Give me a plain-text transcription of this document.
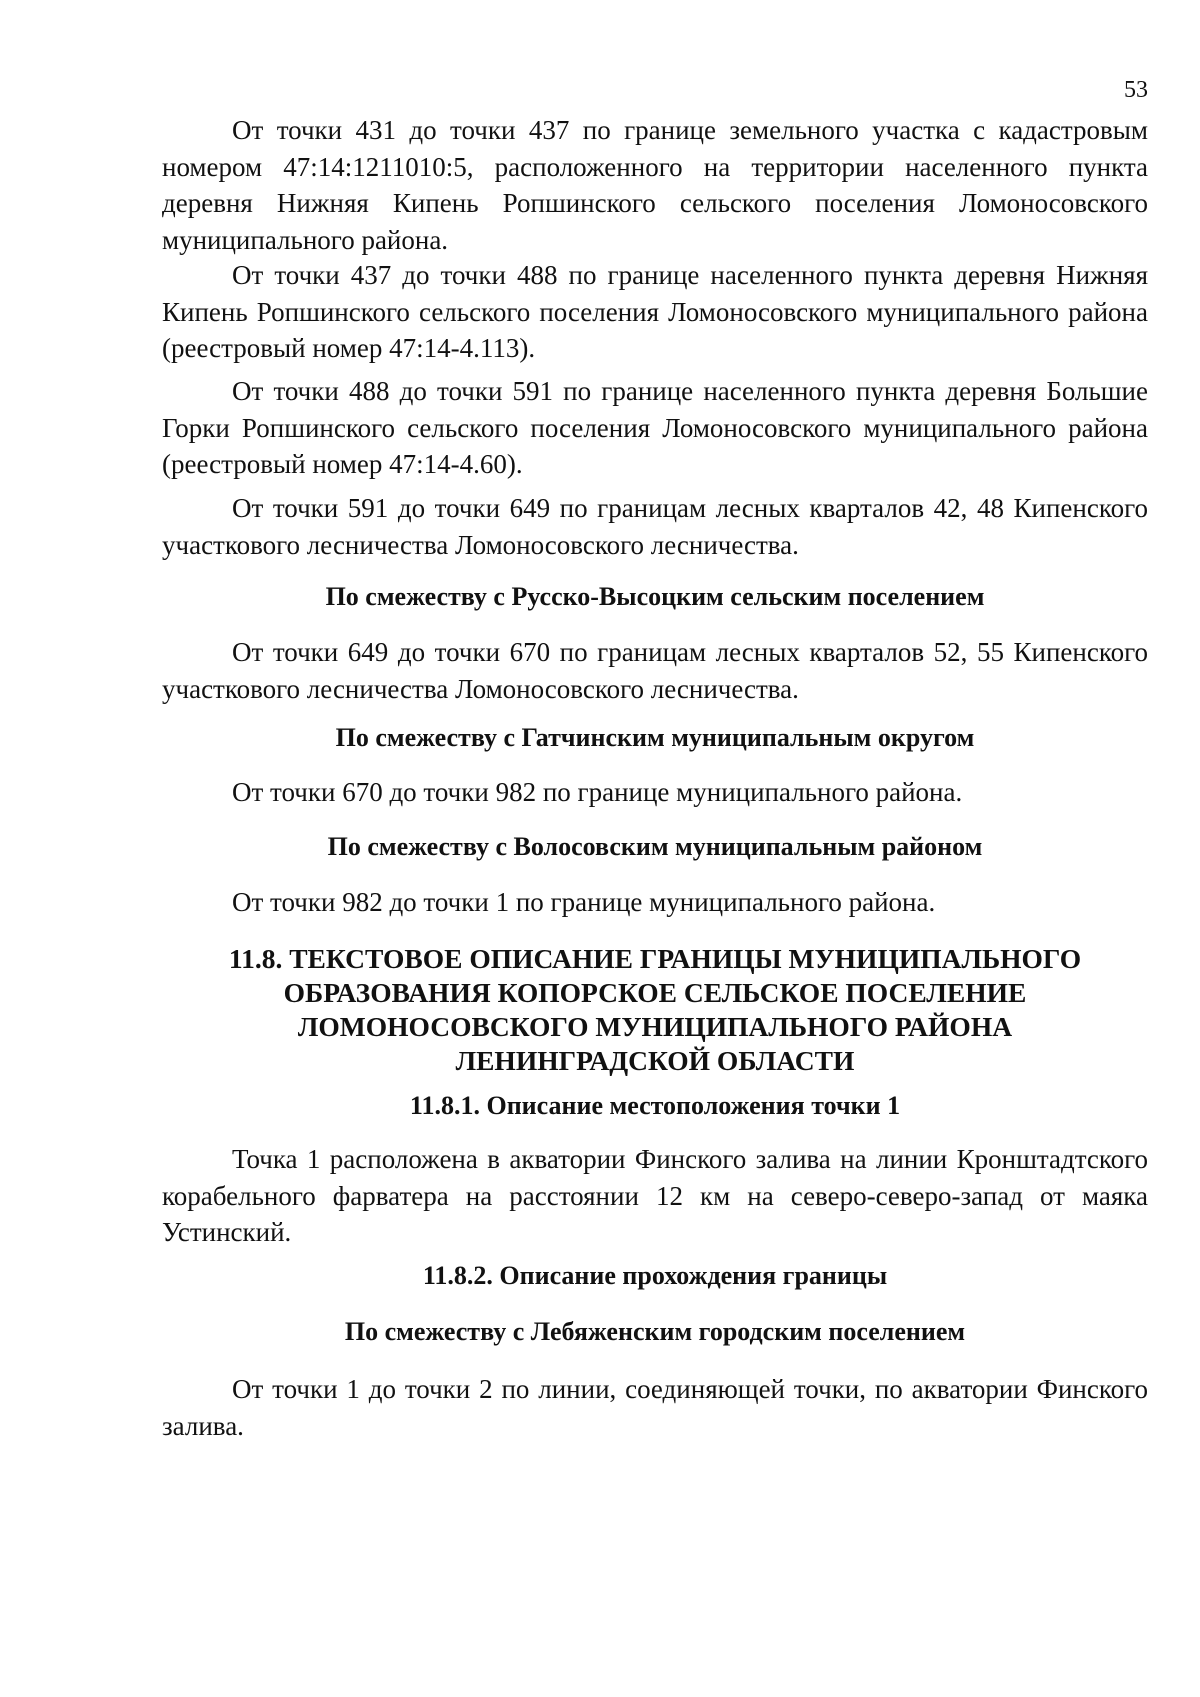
53

От точки 431 до точки 437 по границе земельного участка с кадастровым номером 47:14:1211010:5, расположенного на территории населенного пункта деревня Нижняя Кипень Ропшинского сельского поселения Ломоносовского муниципального района.

От точки 437 до точки 488 по границе населенного пункта деревня Нижняя Кипень Ропшинского сельского поселения Ломоносовского муниципального района (реестровый номер 47:14-4.113).

От точки 488 до точки 591 по границе населенного пункта деревня Большие Горки Ропшинского сельского поселения Ломоносовского муниципального района (реестровый номер 47:14-4.60).

От точки 591 до точки 649 по границам лесных кварталов 42, 48 Кипенского участкового лесничества Ломоносовского лесничества.

По смежеству с Русско-Высоцким сельским поселением

От точки 649 до точки 670 по границам лесных кварталов 52, 55 Кипенского участкового лесничества Ломоносовского лесничества.

По смежеству с Гатчинским муниципальным округом

От точки 670 до точки 982 по границе муниципального района.

По смежеству с Волосовским муниципальным районом

От точки 982 до точки 1 по границе муниципального района.

11.8. ТЕКСТОВОЕ ОПИСАНИЕ ГРАНИЦЫ МУНИЦИПАЛЬНОГО
ОБРАЗОВАНИЯ КОПОРСКОЕ СЕЛЬСКОЕ ПОСЕЛЕНИЕ
ЛОМОНОСОВСКОГО МУНИЦИПАЛЬНОГО РАЙОНА
ЛЕНИНГРАДСКОЙ ОБЛАСТИ
11.8.1. Описание местоположения точки 1

Точка 1 расположена в акватории Финского залива на линии Кронштадтского корабельного фарватера на расстоянии 12 км на северо-северо-запад от маяка Устинский.

11.8.2. Описание прохождения границы
По смежеству с Лебяженским городским поселением

От точки 1 до точки 2 по линии, соединяющей точки, по акватории Финского залива.
